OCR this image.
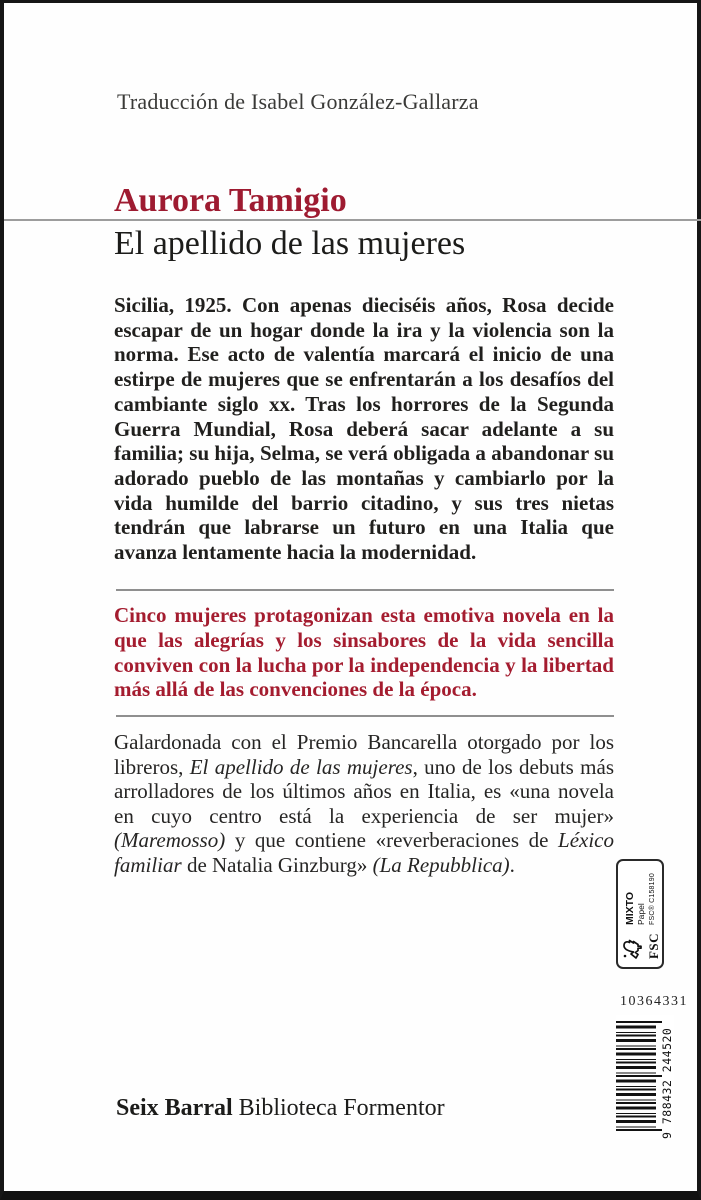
Traducción de Isabel González-Gallarza
Aurora Tamigio
El apellido de las mujeres

Sicilia, 1925. Con apenas dieciséis años, Rosa decide escapar de un hogar donde la ira y la violencia son la norma. Ese acto de valentía marcará el inicio de una estirpe de mujeres que se enfrentarán a los desafíos del cambiante siglo xx. Tras los horrores de la Segunda Guerra Mundial, Rosa deberá sacar adelante a su familia; su hija, Selma, se verá obligada a abandonar su adorado pueblo de las montañas y cambiarlo por la vida humilde del barrio citadino, y sus tres nietas tendrán que labrarse un futuro en una Italia que avanza lentamente hacia la modernidad.

Cinco mujeres protagonizan esta emotiva novela en la que las alegrías y los sinsabores de la vida sencilla conviven con la lucha por la independencia y la libertad más allá de las convenciones de la época.

Galardonada con el Premio Bancarella otorgado por los libreros, El apellido de las mujeres, uno de los debuts más arrolladores de los últimos años en Italia, es «una novela en cuyo centro está la experiencia de ser mujer» (Maremosso) y que contiene «reverberaciones de Léxico familiar de Natalia Ginzburg» (La Repubblica).

Seix Barral Biblioteca Formentor
FSC
MIXTO Papel FSC® C158190
10364331
9 788432 244520
